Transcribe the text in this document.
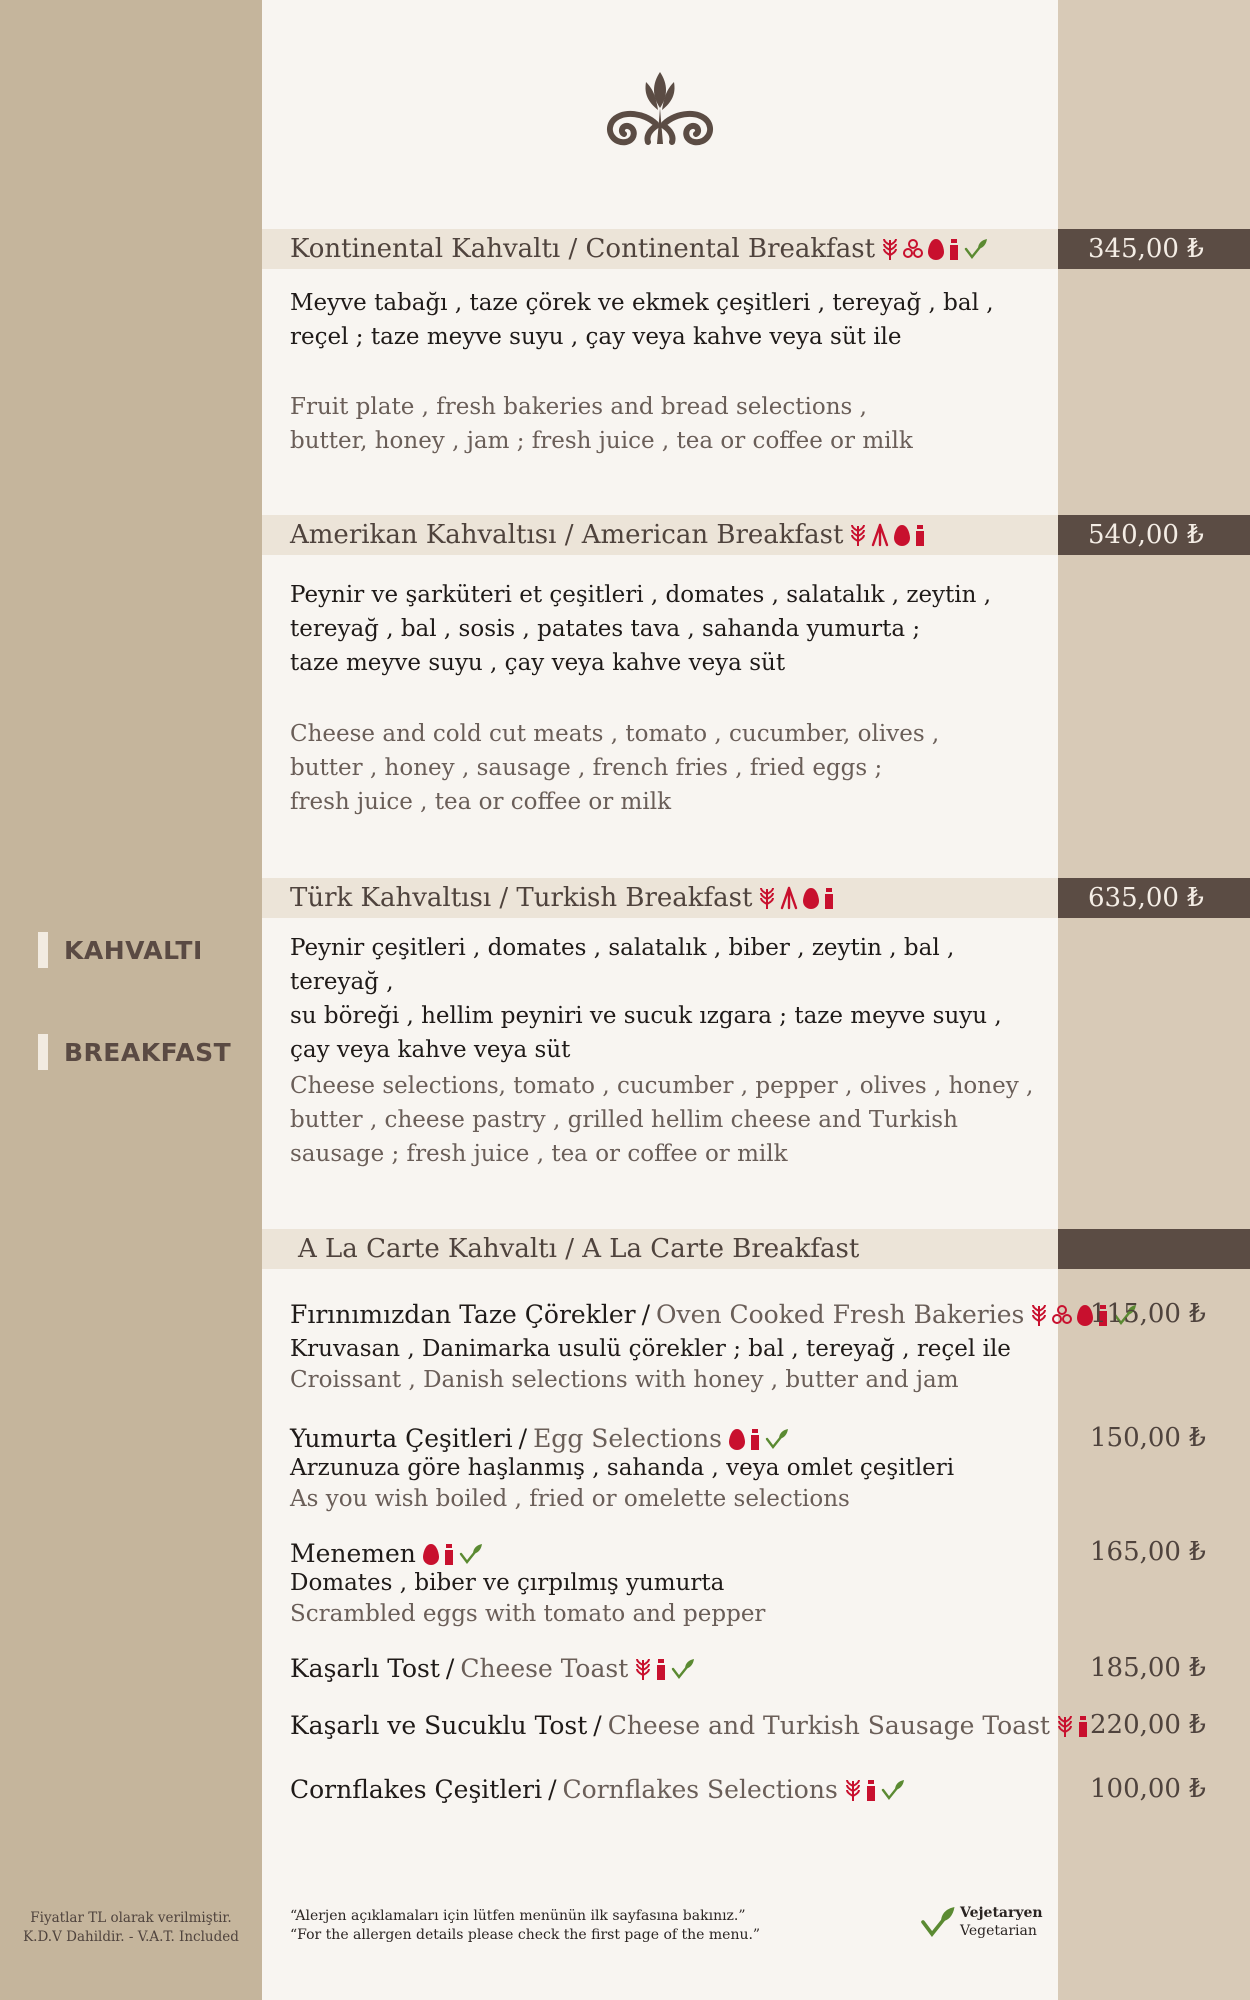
KAHVALTI
BREAKFAST
Kontinental Kahvaltı / Continental Breakfast	345,00 ₺

Meyve tabağı , taze çörek ve ekmek çeşitleri , tereyağ , bal ,
reçel ; taze meyve suyu , çay veya kahve veya süt ile

Fruit plate , fresh bakeries and bread selections ,
butter, honey , jam ; fresh juice , tea or coffee or milk

Amerikan Kahvaltısı / American Breakfast	540,00 ₺

Peynir ve şarküteri et çeşitleri , domates , salatalık , zeytin ,
tereyağ , bal , sosis , patates tava , sahanda yumurta ;
taze meyve suyu , çay veya kahve veya süt

Cheese and cold cut meats , tomato , cucumber, olives ,
butter , honey , sausage , french fries , fried eggs ;
fresh juice , tea or coffee or milk

Türk Kahvaltısı / Turkish Breakfast	635,00 ₺

Peynir çeşitleri , domates , salatalık , biber , zeytin , bal , tereyağ ,
su böreği , hellim peyniri ve sucuk ızgara ; taze meyve suyu ,
çay veya kahve veya süt

Cheese selections, tomato , cucumber , pepper , olives , honey ,
butter , cheese pastry , grilled hellim cheese and Turkish
sausage ; fresh juice , tea or coffee or milk

A La Carte Kahvaltı / A La Carte Breakfast
Fırınımızdan Taze Çörekler / Oven Cooked Fresh Bakeries	115,00 ₺
Kruvasan , Danimarka usulü çörekler ; bal , tereyağ , reçel ile
Croissant , Danish selections with honey , butter and jam
Yumurta Çeşitleri / Egg Selections	150,00 ₺
Arzunuza göre haşlanmış , sahanda , veya omlet çeşitleri
As you wish boiled , fried or omelette selections
Menemen	165,00 ₺
Domates , biber ve çırpılmış yumurta
Scrambled eggs with tomato and pepper
Kaşarlı Tost / Cheese Toast	185,00 ₺
Kaşarlı ve Sucuklu Tost / Cheese and Turkish Sausage Toast 220,00 ₺
Cornflakes Çeşitleri / Cornflakes Selections	100,00 ₺
Fiyatlar TL olarak verilmiştir.
K.D.V Dahildir. - V.A.T. Included
“Alerjen açıklamaları için lütfen menünün ilk sayfasına bakınız.”
“For the allergen details please check the first page of the menu.”
Vejetaryen
Vegetarian
